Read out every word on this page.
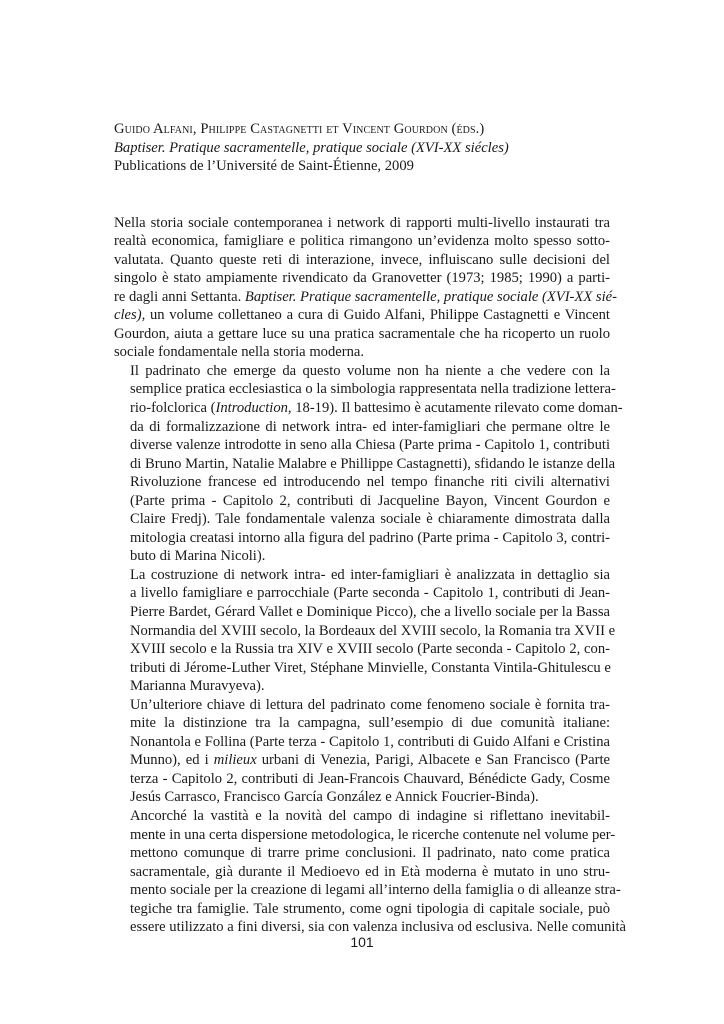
Guido Alfani, Philippe Castagnetti et Vincent Gourdon (éds.)
Baptiser. Pratique sacramentelle, pratique sociale (XVI-XX siécles)
Publications de l’Université de Saint-Étienne, 2009

Nella storia sociale contemporanea i network di rapporti multi-livello instaurati tra
realtà economica, famigliare e politica rimangono un’evidenza molto spesso sotto-
valutata. Quanto queste reti di interazione, invece, influiscano sulle decisioni del
singolo è stato ampiamente rivendicato da Granovetter (1973; 1985; 1990) a parti-
re dagli anni Settanta. Baptiser. Pratique sacramentelle, pratique sociale (XVI-XX sié-
cles), un volume collettaneo a cura di Guido Alfani, Philippe Castagnetti e Vincent
Gourdon, aiuta a gettare luce su una pratica sacramentale che ha ricoperto un ruolo
sociale fondamentale nella storia moderna.

Il padrinato che emerge da questo volume non ha niente a che vedere con la
semplice pratica ecclesiastica o la simbologia rappresentata nella tradizione lettera-
rio-folclorica (Introduction, 18-19). Il battesimo è acutamente rilevato come doman-
da di formalizzazione di network intra- ed inter-famigliari che permane oltre le
diverse valenze introdotte in seno alla Chiesa (Parte prima - Capitolo 1, contributi
di Bruno Martin, Natalie Malabre e Phillippe Castagnetti), sfidando le istanze della
Rivoluzione francese ed introducendo nel tempo finanche riti civili alternativi
(Parte prima - Capitolo 2, contributi di Jacqueline Bayon, Vincent Gourdon e
Claire Fredj). Tale fondamentale valenza sociale è chiaramente dimostrata dalla
mitologia creatasi intorno alla figura del padrino (Parte prima - Capitolo 3, contri-
buto di Marina Nicoli).

La costruzione di network intra- ed inter-famigliari è analizzata in dettaglio sia
a livello famigliare e parrocchiale (Parte seconda - Capitolo 1, contributi di Jean-
Pierre Bardet, Gérard Vallet e Dominique Picco), che a livello sociale per la Bassa
Normandia del XVIII secolo, la Bordeaux del XVIII secolo, la Romania tra XVII e
XVIII secolo e la Russia tra XIV e XVIII secolo (Parte seconda - Capitolo 2, con-
tributi di Jérome-Luther Viret, Stéphane Minvielle, Constanta Vintila-Ghitulescu e
Marianna Muravyeva).

Un’ulteriore chiave di lettura del padrinato come fenomeno sociale è fornita tra-
mite la distinzione tra la campagna, sull’esempio di due comunità italiane:
Nonantola e Follina (Parte terza - Capitolo 1, contributi di Guido Alfani e Cristina
Munno), ed i milieux urbani di Venezia, Parigi, Albacete e San Francisco (Parte
terza - Capitolo 2, contributi di Jean-Francois Chauvard, Bénédicte Gady, Cosme
Jesús Carrasco, Francisco García González e Annick Foucrier-Binda).

Ancorché la vastità e la novità del campo di indagine si riflettano inevitabil-
mente in una certa dispersione metodologica, le ricerche contenute nel volume per-
mettono comunque di trarre prime conclusioni. Il padrinato, nato come pratica
sacramentale, già durante il Medioevo ed in Età moderna è mutato in uno stru-
mento sociale per la creazione di legami all’interno della famiglia o di alleanze stra-
tegiche tra famiglie. Tale strumento, come ogni tipologia di capitale sociale, può
essere utilizzato a fini diversi, sia con valenza inclusiva od esclusiva. Nelle comunità

101
